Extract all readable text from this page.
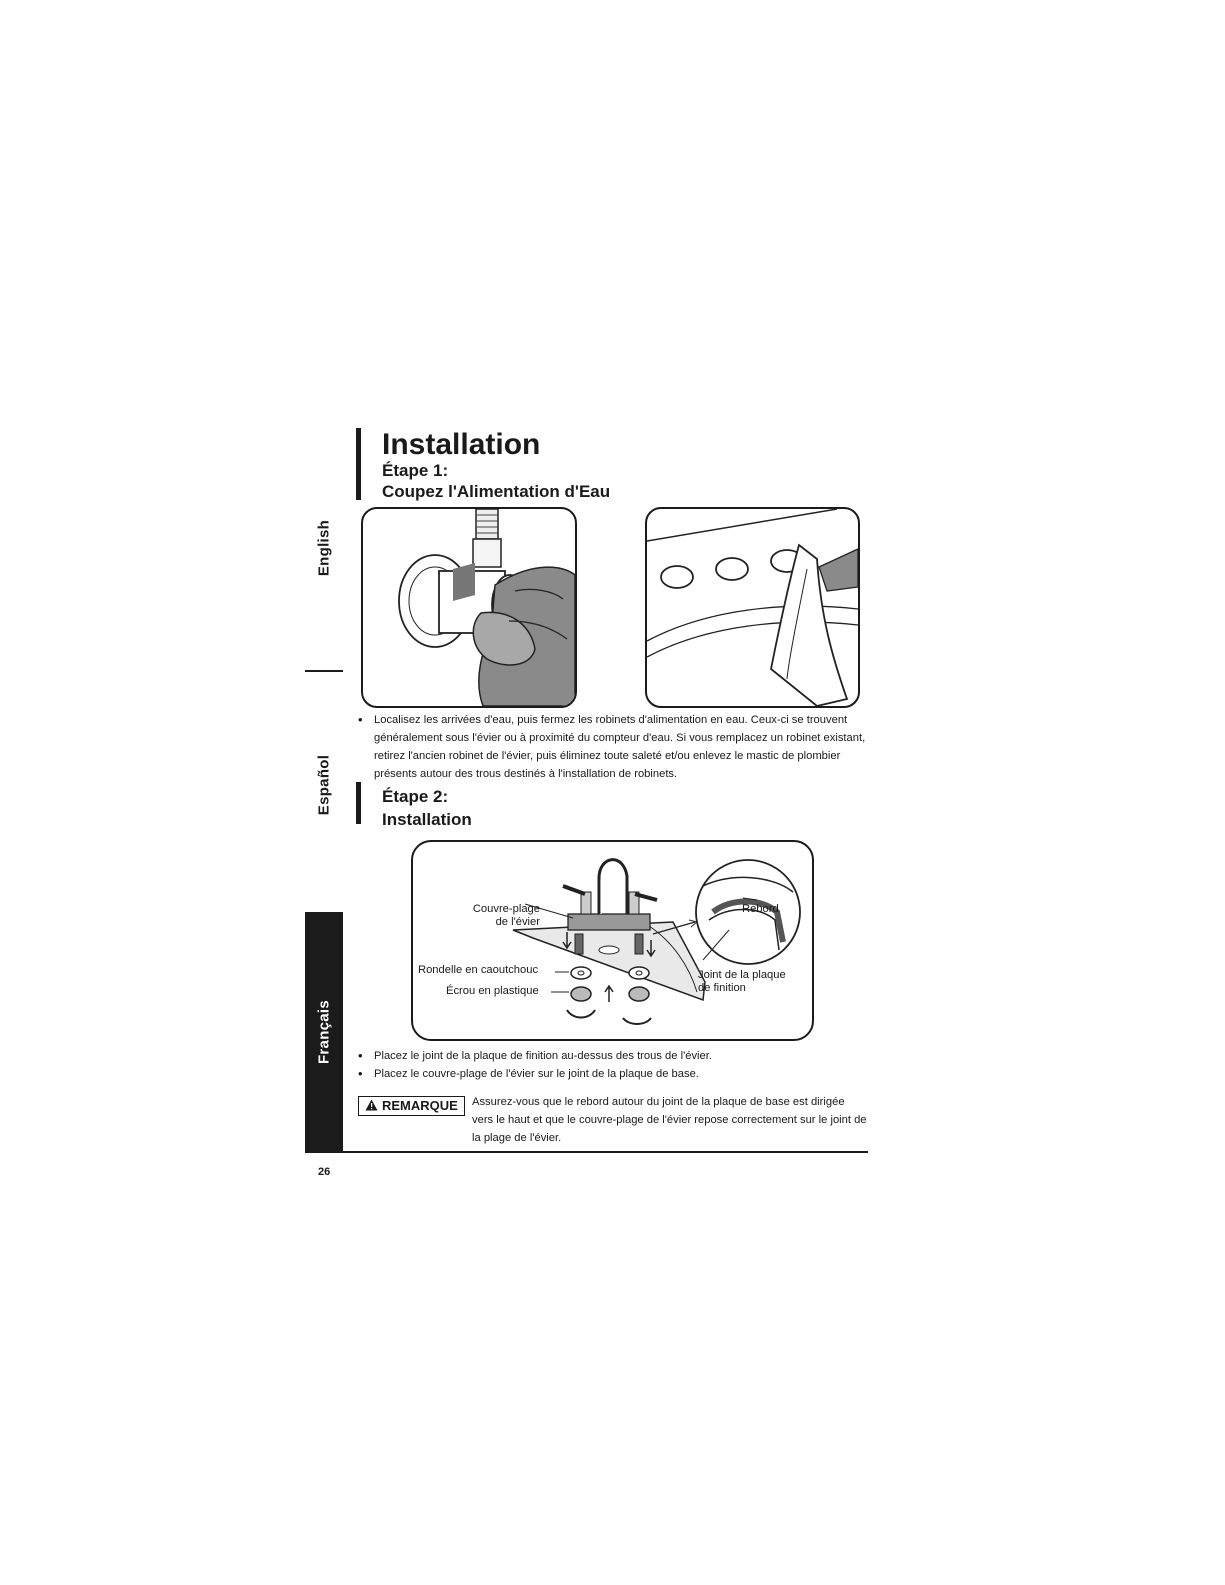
English
Español
Français
Installation
Étape 1:
Coupez l'Alimentation d'Eau
• Localisez les arrivées d'eau, puis fermez les robinets d'alimentation en eau. Ceux-ci se trouvent généralement sous l'évier ou à proximité du compteur d'eau. Si vous remplacez un robinet existant, retirez l'ancien robinet de l'évier, puis éliminez toute saleté et/ou enlevez le mastic de plombier présents autour des trous destinés à l'installation de robinets.
Étape 2:
Installation
Couvre-plage
de l'évier
Rondelle en caoutchouc
Écrou en plastique
Rebord
Joint de la plaque
de finition
• Placez le joint de la plaque de finition au-dessus des trous de l'évier.
• Placez le couvre-plage de l'évier sur le joint de la plaque de base.
REMARQUE	Assurez-vous que le rebord autour du joint de la plaque de base est dirigée vers le haut et que le couvre-plage de l'évier repose correctement sur le joint de la plage de l'évier.
26
